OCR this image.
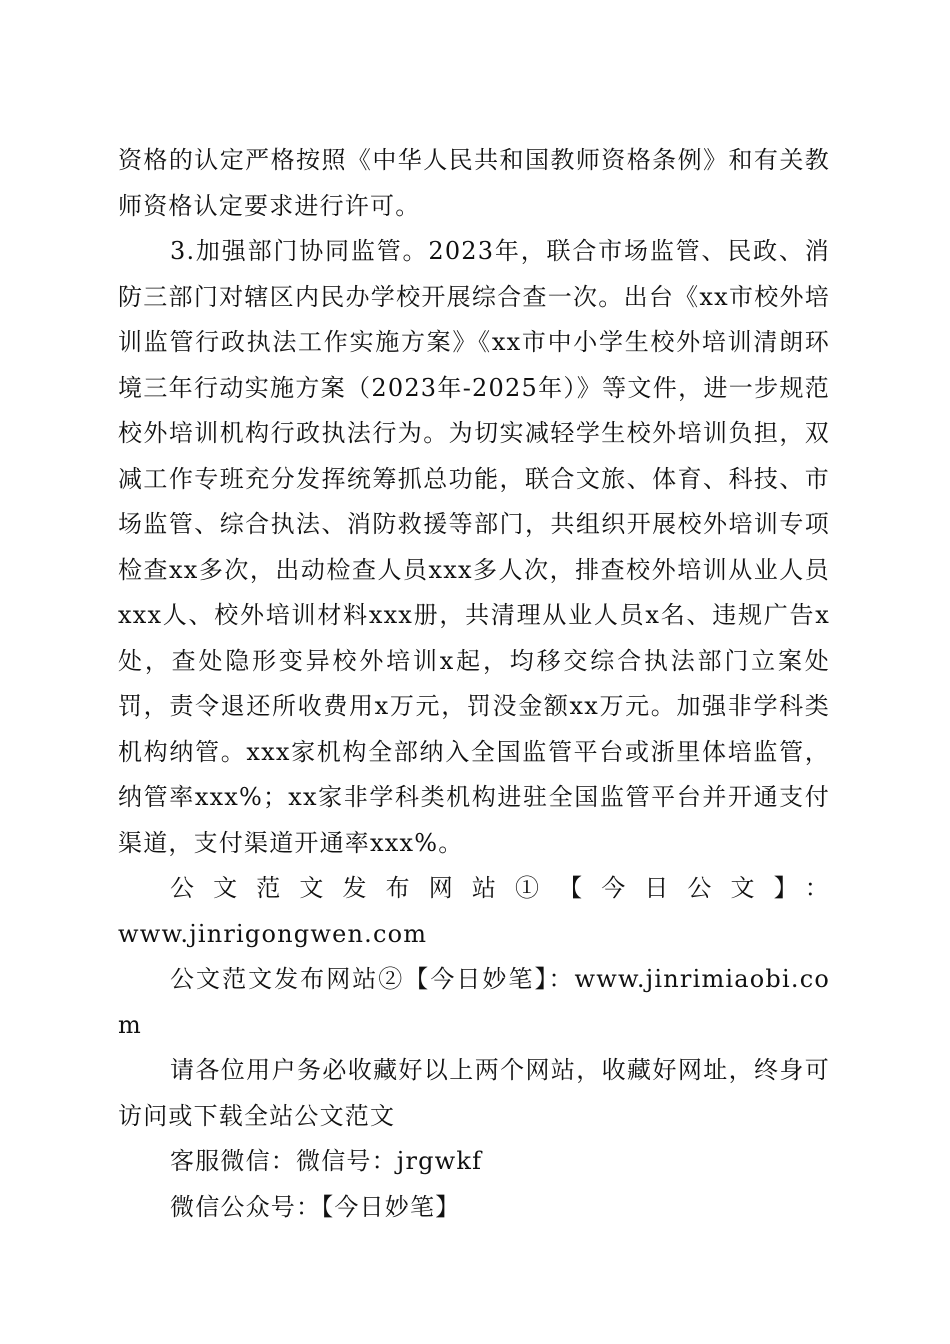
资格的认定严格按照《中华人民共和国教师资格条例》和有关教师资格认定要求进行许可。

3.加强部门协同监管。2023年，联合市场监管、民政、消防三部门对辖区内民办学校开展综合查一次。出台《xx市校外培训监管行政执法工作实施方案》《xx市中小学生校外培训清朗环境三年行动实施方案（2023年-2025年）》等文件，进一步规范校外培训机构行政执法行为。为切实减轻学生校外培训负担，双减工作专班充分发挥统筹抓总功能，联合文旅、体育、科技、市场监管、综合执法、消防救援等部门，共组织开展校外培训专项检查xx多次，出动检查人员xxx多人次，排查校外培训从业人员xxx人、校外培训材料xxx册，共清理从业人员x名、违规广告x处，查处隐形变异校外培训x起，均移交综合执法部门立案处罚，责令退还所收费用x万元，罚没金额xx万元。加强非学科类机构纳管。xxx家机构全部纳入全国监管平台或浙里体培监管，纳管率xxx%；xx家非学科类机构进驻全国监管平台并开通支付渠道，支付渠道开通率xxx%。

公文范文发布网站①【今日公文】：

www.jinrigongwen.com

公文范文发布网站②【今日妙笔】：www.jinrimiaobi.com

请各位用户务必收藏好以上两个网站，收藏好网址，终身可访问或下载全站公文范文

客服微信：微信号：jrgwkf

微信公众号：【今日妙笔】
